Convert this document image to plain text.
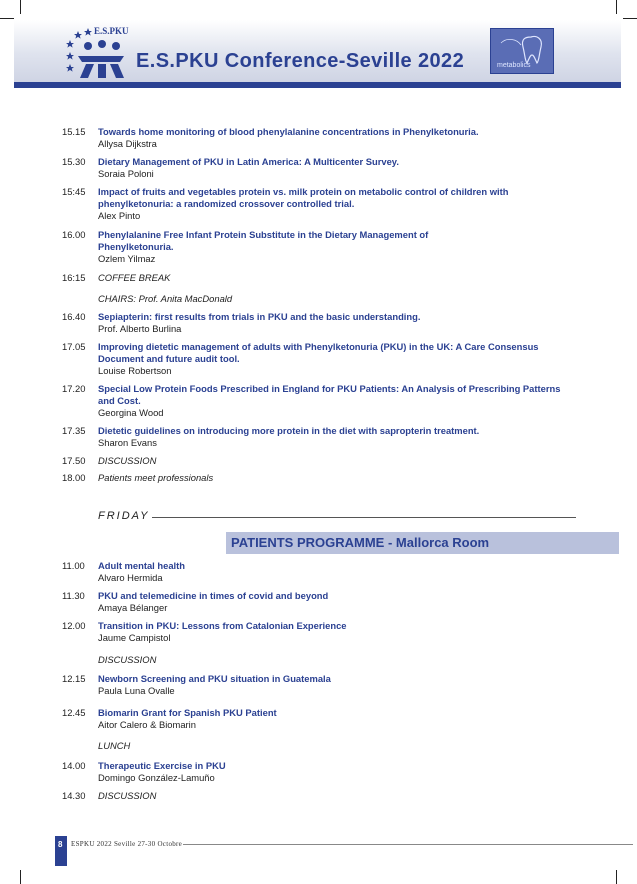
E.S.PKU
E.S.PKU Conference-Seville 2022	metabolics
15.15 Towards home monitoring of blood phenylalanine concentrations in Phenylketonuria.
Allysa Dijkstra
15.30 Dietary Management of PKU in Latin America: A Multicenter Survey.
Soraia Poloni
15:45 Impact of fruits and vegetables protein vs. milk protein on metabolic control of children with phenylketonuria: a randomized crossover controlled trial.
Alex Pinto
16.00 Phenylalanine Free Infant Protein Substitute in the Dietary Management of Phenylketonuria.
Ozlem Yilmaz
16:15 COFFEE BREAK
CHAIRS: Prof. Anita MacDonald
16.40 Sepiapterin: first results from trials in PKU and the basic understanding.
Prof. Alberto Burlina
17.05 Improving dietetic management of adults with Phenylketonuria (PKU) in the UK: A Care Consensus Document and future audit tool.
Louise Robertson
17.20 Special Low Protein Foods Prescribed in England for PKU Patients: An Analysis of Prescribing Patterns and Cost.
Georgina Wood
17.35 Dietetic guidelines on introducing more protein in the diet with sapropterin treatment.
Sharon Evans
17.50 DISCUSSION
18.00 Patients meet professionals
FRIDAY
PATIENTS PROGRAMME - Mallorca Room
11.00 Adult mental health
Alvaro Hermida
11.30 PKU and telemedicine in times of covid and beyond
Amaya Bélanger
12.00 Transition in PKU: Lessons from Catalonian Experience
Jaume Campistol
DISCUSSION
12.15 Newborn Screening and PKU situation in Guatemala
Paula Luna Ovalle
12.45 Biomarin Grant for Spanish PKU Patient
Aitor Calero & Biomarin
LUNCH
14.00 Therapeutic Exercise in PKU
Domingo González-Lamuño
14.30 DISCUSSION
8 ESPKU 2022 Seville 27-30 Octobre
